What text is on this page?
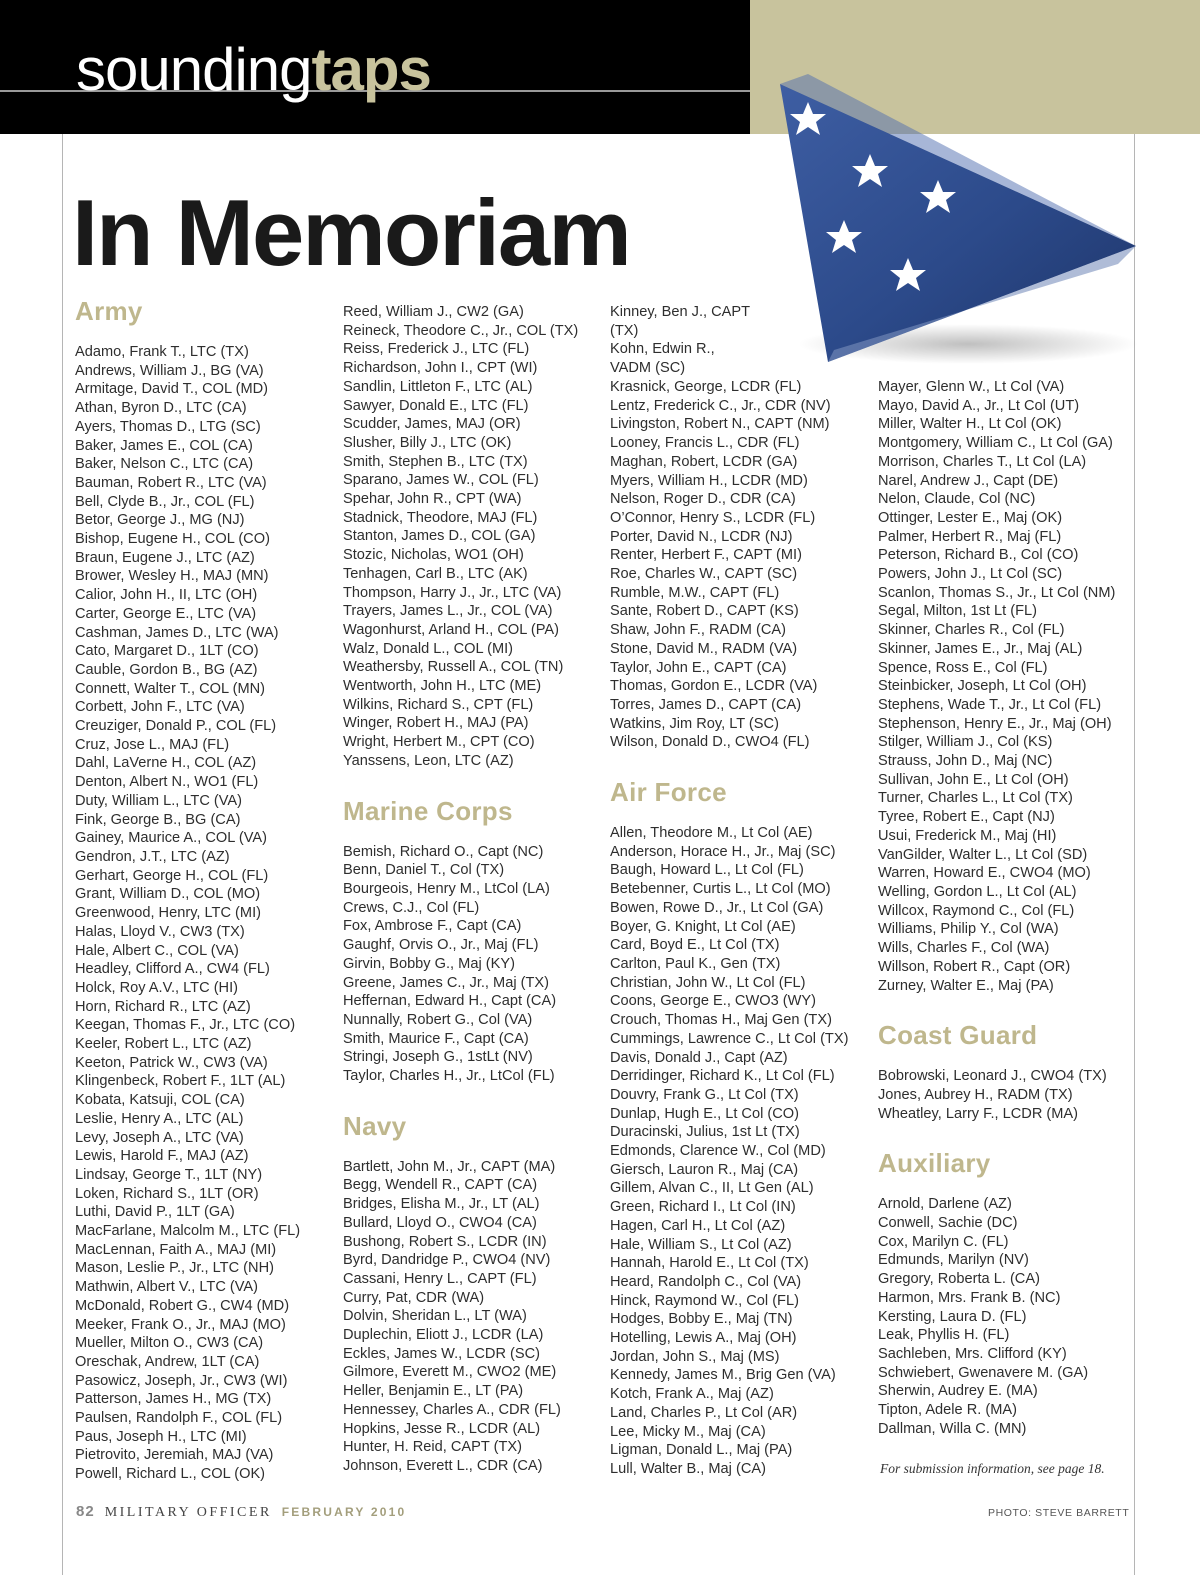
soundingtaps
In Memoriam
Army
Adamo, Frank T., LTC (TX)
Andrews, William J., BG (VA)
Armitage, David T., COL (MD)
Athan, Byron D., LTC (CA)
Ayers, Thomas D., LTG (SC)
Baker, James E., COL (CA)
Baker, Nelson C., LTC (CA)
Bauman, Robert R., LTC (VA)
Bell, Clyde B., Jr., COL (FL)
Betor, George J., MG (NJ)
Bishop, Eugene H., COL (CO)
Braun, Eugene J., LTC (AZ)
Brower, Wesley H., MAJ (MN)
Calior, John H., II, LTC (OH)
Carter, George E., LTC (VA)
Cashman, James D., LTC (WA)
Cato, Margaret D., 1LT (CO)
Cauble, Gordon B., BG (AZ)
Connett, Walter T., COL (MN)
Corbett, John F., LTC (VA)
Creuziger, Donald P., COL (FL)
Cruz, Jose L., MAJ (FL)
Dahl, LaVerne H., COL (AZ)
Denton, Albert N., WO1 (FL)
Duty, William L., LTC (VA)
Fink, George B., BG (CA)
Gainey, Maurice A., COL (VA)
Gendron, J.T., LTC (AZ)
Gerhart, George H., COL (FL)
Grant, William D., COL (MO)
Greenwood, Henry, LTC (MI)
Halas, Lloyd V., CW3 (TX)
Hale, Albert C., COL (VA)
Headley, Clifford A., CW4 (FL)
Holck, Roy A.V., LTC (HI)
Horn, Richard R., LTC (AZ)
Keegan, Thomas F., Jr., LTC (CO)
Keeler, Robert L., LTC (AZ)
Keeton, Patrick W., CW3 (VA)
Klingenbeck, Robert F., 1LT (AL)
Kobata, Katsuji, COL (CA)
Leslie, Henry A., LTC (AL)
Levy, Joseph A., LTC (VA)
Lewis, Harold F., MAJ (AZ)
Lindsay, George T., 1LT (NY)
Loken, Richard S., 1LT (OR)
Luthi, David P., 1LT (GA)
MacFarlane, Malcolm M., LTC (FL)
MacLennan, Faith A., MAJ (MI)
Mason, Leslie P., Jr., LTC (NH)
Mathwin, Albert V., LTC (VA)
McDonald, Robert G., CW4 (MD)
Meeker, Frank O., Jr., MAJ (MO)
Mueller, Milton O., CW3 (CA)
Oreschak, Andrew, 1LT (CA)
Pasowicz, Joseph, Jr., CW3 (WI)
Patterson, James H., MG (TX)
Paulsen, Randolph F., COL (FL)
Paus, Joseph H., LTC (MI)
Pietrovito, Jeremiah, MAJ (VA)
Powell, Richard L., COL (OK)
Reed, William J., CW2 (GA)
Reineck, Theodore C., Jr., COL (TX)
Reiss, Frederick J., LTC (FL)
Richardson, John I., CPT (WI)
Sandlin, Littleton F., LTC (AL)
Sawyer, Donald E., LTC (FL)
Scudder, James, MAJ (OR)
Slusher, Billy J., LTC (OK)
Smith, Stephen B., LTC (TX)
Sparano, James W., COL (FL)
Spehar, John R., CPT (WA)
Stadnick, Theodore, MAJ (FL)
Stanton, James D., COL (GA)
Stozic, Nicholas, WO1 (OH)
Tenhagen, Carl B., LTC (AK)
Thompson, Harry J., Jr., LTC (VA)
Trayers, James L., Jr., COL (VA)
Wagonhurst, Arland H., COL (PA)
Walz, Donald L., COL (MI)
Weathersby, Russell A., COL (TN)
Wentworth, John H., LTC (ME)
Wilkins, Richard S., CPT (FL)
Winger, Robert H., MAJ (PA)
Wright, Herbert M., CPT (CO)
Yanssens, Leon, LTC (AZ)
Marine Corps
Bemish, Richard O., Capt (NC)
Benn, Daniel T., Col (TX)
Bourgeois, Henry M., LtCol (LA)
Crews, C.J., Col (FL)
Fox, Ambrose F., Capt (CA)
Gaughf, Orvis O., Jr., Maj (FL)
Girvin, Bobby G., Maj (KY)
Greene, James C., Jr., Maj (TX)
Heffernan, Edward H., Capt (CA)
Nunnally, Robert G., Col (VA)
Smith, Maurice F., Capt (CA)
Stringi, Joseph G., 1stLt (NV)
Taylor, Charles H., Jr., LtCol (FL)
Navy
Bartlett, John M., Jr., CAPT (MA)
Begg, Wendell R., CAPT (CA)
Bridges, Elisha M., Jr., LT (AL)
Bullard, Lloyd O., CWO4 (CA)
Bushong, Robert S., LCDR (IN)
Byrd, Dandridge P., CWO4 (NV)
Cassani, Henry L., CAPT (FL)
Curry, Pat, CDR (WA)
Dolvin, Sheridan L., LT (WA)
Duplechin, Eliott J., LCDR (LA)
Eckles, James W., LCDR (SC)
Gilmore, Everett M., CWO2 (ME)
Heller, Benjamin E., LT (PA)
Hennessey, Charles A., CDR (FL)
Hopkins, Jesse R., LCDR (AL)
Hunter, H. Reid, CAPT (TX)
Johnson, Everett L., CDR (CA)
Kinney, Ben J., CAPT (TX)
Kohn, Edwin R., VADM (SC)
Krasnick, George, LCDR (FL)
Lentz, Frederick C., Jr., CDR (NV)
Livingston, Robert N., CAPT (NM)
Looney, Francis L., CDR (FL)
Maghan, Robert, LCDR (GA)
Myers, William H., LCDR (MD)
Nelson, Roger D., CDR (CA)
O’Connor, Henry S., LCDR (FL)
Porter, David N., LCDR (NJ)
Renter, Herbert F., CAPT (MI)
Roe, Charles W., CAPT (SC)
Rumble, M.W., CAPT (FL)
Sante, Robert D., CAPT (KS)
Shaw, John F., RADM (CA)
Stone, David M., RADM (VA)
Taylor, John E., CAPT (CA)
Thomas, Gordon E., LCDR (VA)
Torres, James D., CAPT (CA)
Watkins, Jim Roy, LT (SC)
Wilson, Donald D., CWO4 (FL)
Air Force
Allen, Theodore M., Lt Col (AE)
Anderson, Horace H., Jr., Maj (SC)
Baugh, Howard L., Lt Col (FL)
Betebenner, Curtis L., Lt Col (MO)
Bowen, Rowe D., Jr., Lt Col (GA)
Boyer, G. Knight, Lt Col (AE)
Card, Boyd E., Lt Col (TX)
Carlton, Paul K., Gen (TX)
Christian, John W., Lt Col (FL)
Coons, George E., CWO3 (WY)
Crouch, Thomas H., Maj Gen (TX)
Cummings, Lawrence C., Lt Col (TX)
Davis, Donald J., Capt (AZ)
Derridinger, Richard K., Lt Col (FL)
Douvry, Frank G., Lt Col (TX)
Dunlap, Hugh E., Lt Col (CO)
Duracinski, Julius, 1st Lt (TX)
Edmonds, Clarence W., Col (MD)
Giersch, Lauron R., Maj (CA)
Gillem, Alvan C., II, Lt Gen (AL)
Green, Richard I., Lt Col (IN)
Hagen, Carl H., Lt Col (AZ)
Hale, William S., Lt Col (AZ)
Hannah, Harold E., Lt Col (TX)
Heard, Randolph C., Col (VA)
Hinck, Raymond W., Col (FL)
Hodges, Bobby E., Maj (TN)
Hotelling, Lewis A., Maj (OH)
Jordan, John S., Maj (MS)
Kennedy, James M., Brig Gen (VA)
Kotch, Frank A., Maj (AZ)
Land, Charles P., Lt Col (AR)
Lee, Micky M., Maj (CA)
Ligman, Donald L., Maj (PA)
Lull, Walter B., Maj (CA)
Mayer, Glenn W., Lt Col (VA)
Mayo, David A., Jr., Lt Col (UT)
Miller, Walter H., Lt Col (OK)
Montgomery, William C., Lt Col (GA)
Morrison, Charles T., Lt Col (LA)
Narel, Andrew J., Capt (DE)
Nelon, Claude, Col (NC)
Ottinger, Lester E., Maj (OK)
Palmer, Herbert R., Maj (FL)
Peterson, Richard B., Col (CO)
Powers, John J., Lt Col (SC)
Scanlon, Thomas S., Jr., Lt Col (NM)
Segal, Milton, 1st Lt (FL)
Skinner, Charles R., Col (FL)
Skinner, James E., Jr., Maj (AL)
Spence, Ross E., Col (FL)
Steinbicker, Joseph, Lt Col (OH)
Stephens, Wade T., Jr., Lt Col (FL)
Stephenson, Henry E., Jr., Maj (OH)
Stilger, William J., Col (KS)
Strauss, John D., Maj (NC)
Sullivan, John E., Lt Col (OH)
Turner, Charles L., Lt Col (TX)
Tyree, Robert E., Capt (NJ)
Usui, Frederick M., Maj (HI)
VanGilder, Walter L., Lt Col (SD)
Warren, Howard E., CWO4 (MO)
Welling, Gordon L., Lt Col (AL)
Willcox, Raymond C., Col (FL)
Williams, Philip Y., Col (WA)
Wills, Charles F., Col (WA)
Willson, Robert R., Capt (OR)
Zurney, Walter E., Maj (PA)
Coast Guard
Bobrowski, Leonard J., CWO4 (TX)
Jones, Aubrey H., RADM (TX)
Wheatley, Larry F., LCDR (MA)
Auxiliary
Arnold, Darlene (AZ)
Conwell, Sachie (DC)
Cox, Marilyn C. (FL)
Edmunds, Marilyn (NV)
Gregory, Roberta L. (CA)
Harmon, Mrs. Frank B. (NC)
Kersting, Laura D. (FL)
Leak, Phyllis H. (FL)
Sachleben, Mrs. Clifford (KY)
Schwiebert, Gwenavere M. (GA)
Sherwin, Audrey E. (MA)
Tipton, Adele R. (MA)
Dallman, Willa C. (MN)
For submission information, see page 18.
82 MILITARY OFFICER FEBRUARY 2010	PHOTO: STEVE BARRETT
